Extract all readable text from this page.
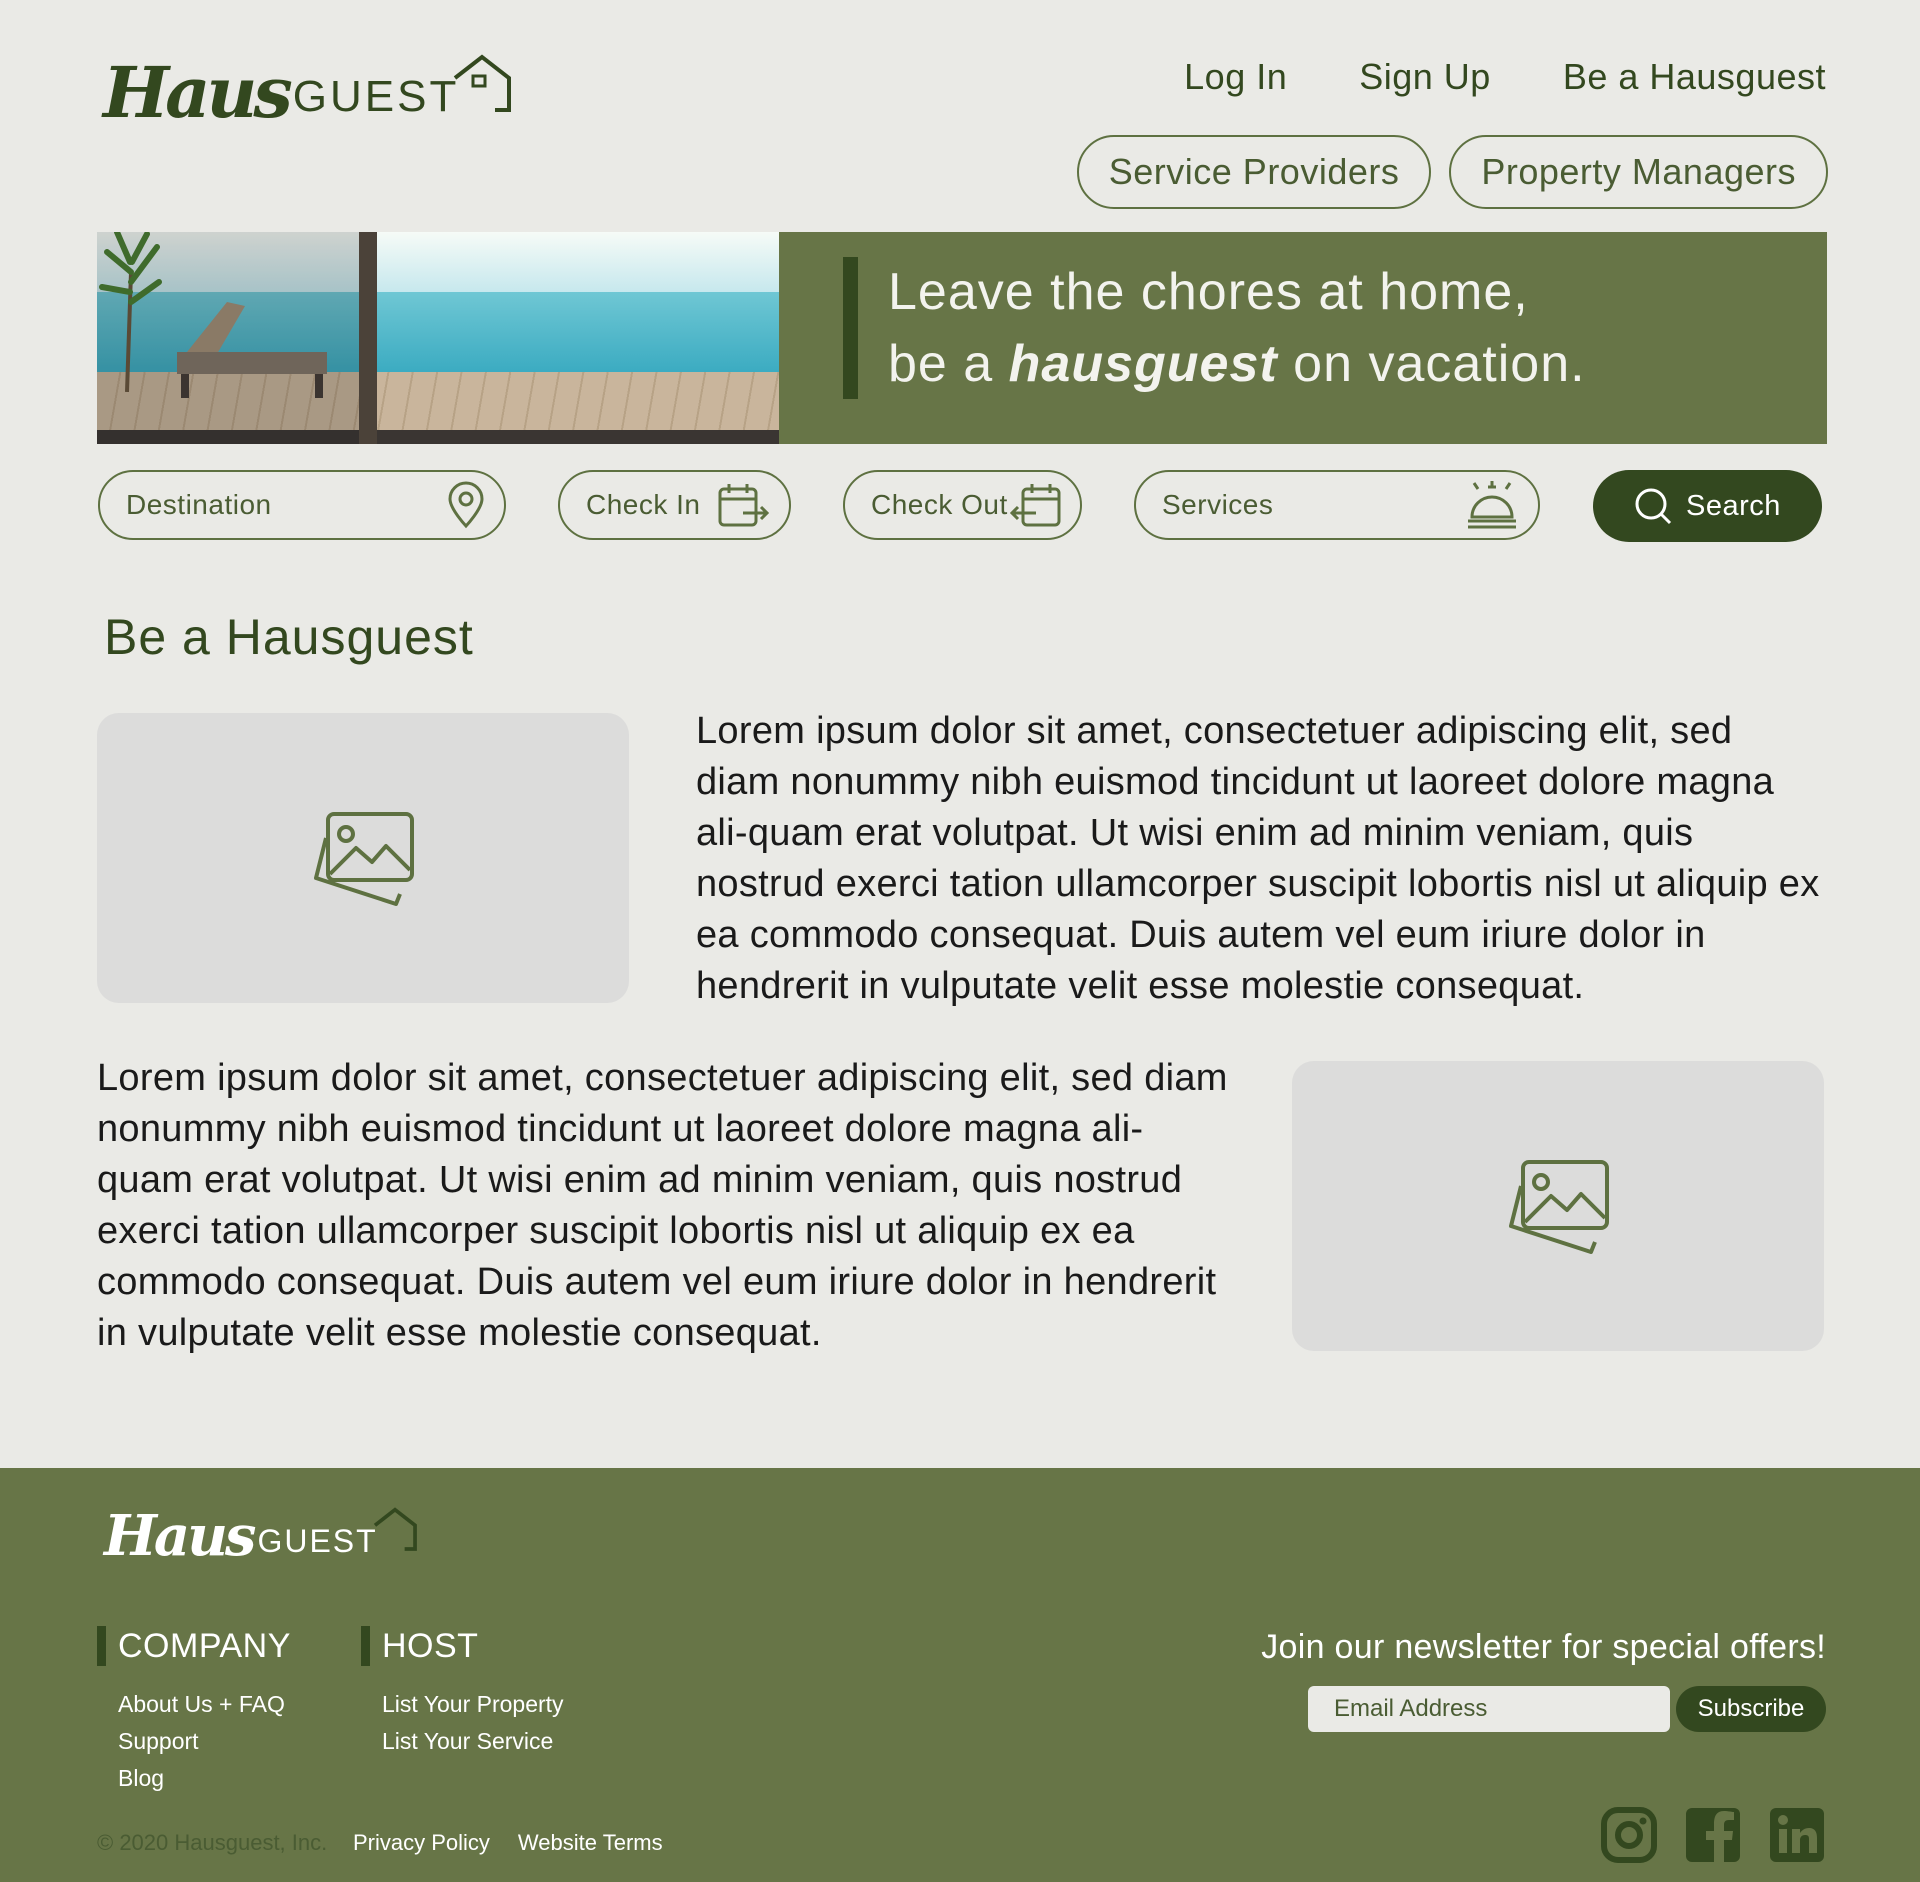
Haus GUEST	Log In Sign Up Be a Hausguest
Service Providers	Property Managers
Leave the chores at home,
be a hausguest on vacation.
Destination	Check In	Check Out	Services	Search
Be a Hausguest

Lorem ipsum dolor sit amet, consectetuer adipiscing elit, sed diam nonummy nibh euismod tincidunt ut laoreet dolore magna ali-quam erat volutpat. Ut wisi enim ad minim veniam, quis nostrud exerci tation ullamcorper suscipit lobortis nisl ut aliquip ex ea commodo consequat. Duis autem vel eum iriure dolor in hendrerit in vulputate velit esse molestie consequat.

Lorem ipsum dolor sit amet, consectetuer adipiscing elit, sed diam nonummy nibh euismod tincidunt ut laoreet dolore magna ali-quam erat volutpat. Ut wisi enim ad minim veniam, quis nostrud exerci tation ullamcorper suscipit lobortis nisl ut aliquip ex ea commodo consequat. Duis autem vel eum iriure dolor in hendrerit in vulputate velit esse molestie consequat.

Haus GUEST
COMPANY
About Us + FAQ
Support
Blog
HOST
List Your Property
List Your Service
Join our newsletter for special offers!
Email Address
Subscribe
© 2020 Hausguest, Inc. Privacy Policy Website Terms
